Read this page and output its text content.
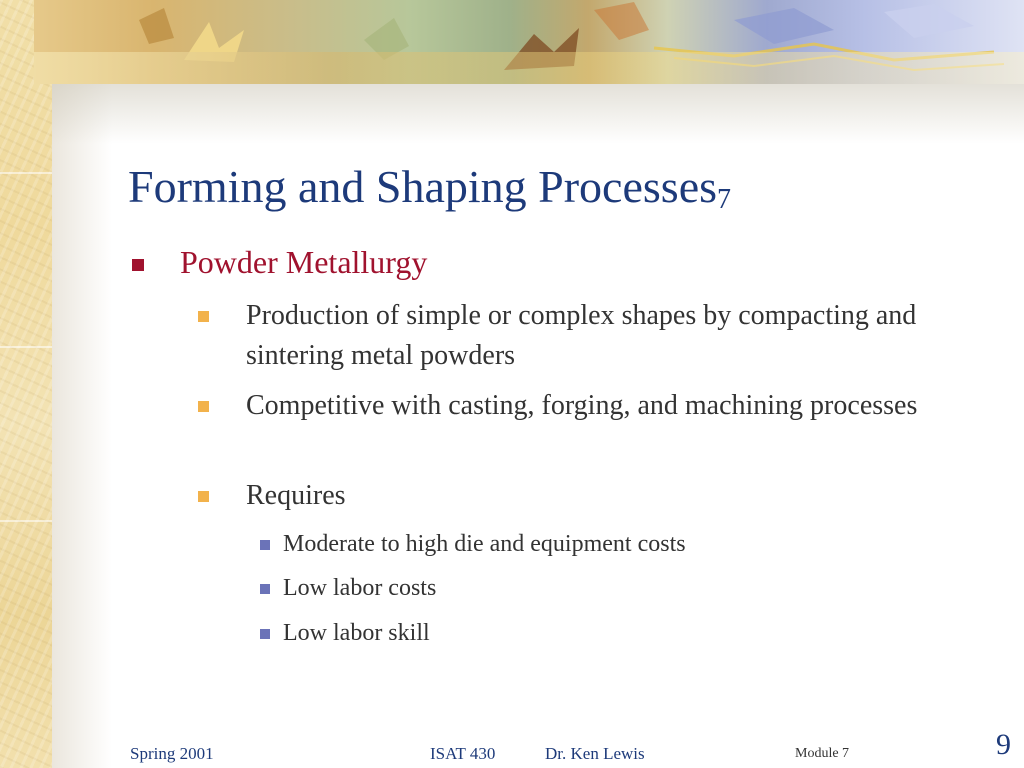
Forming and Shaping Processes$_7$
Powder Metallurgy
Production of simple or complex shapes by compacting and sintering metal powders
Competitive with casting, forging, and machining processes
Requires
Moderate to high die and equipment costs
Low labor costs
Low labor skill
Spring 2001	ISAT 430	Dr. Ken Lewis	Module 7	9
